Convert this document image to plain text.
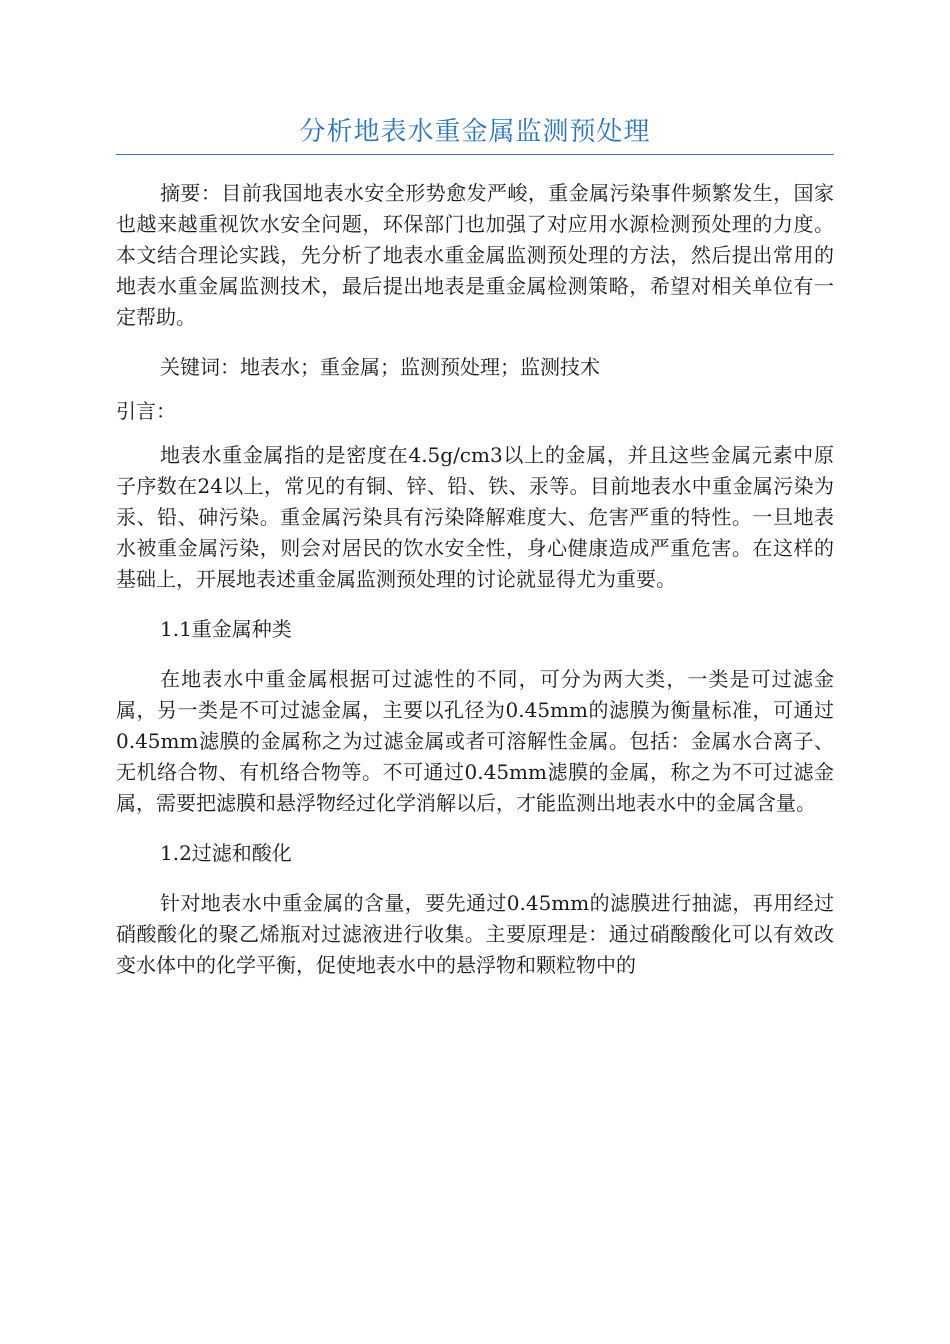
分析地表水重金属监测预处理

摘要：目前我国地表水安全形势愈发严峻，重金属污染事件频繁发生，国家也越来越重视饮水安全问题，环保部门也加强了对应用水源检测预处理的力度。本文结合理论实践，先分析了地表水重金属监测预处理的方法，然后提出常用的地表水重金属监测技术，最后提出地表是重金属检测策略，希望对相关单位有一定帮助。

关键词：地表水；重金属；监测预处理；监测技术

引言：

地表水重金属指的是密度在4.5g/cm3以上的金属，并且这些金属元素中原子序数在24以上，常见的有铜、锌、铅、铁、汞等。目前地表水中重金属污染为汞、铅、砷污染。重金属污染具有污染降解难度大、危害严重的特性。一旦地表水被重金属污染，则会对居民的饮水安全性，身心健康造成严重危害。在这样的基础上，开展地表述重金属监测预处理的讨论就显得尤为重要。

1.1重金属种类

在地表水中重金属根据可过滤性的不同，可分为两大类，一类是可过滤金属，另一类是不可过滤金属，主要以孔径为0.45mm的滤膜为衡量标准，可通过0.45mm滤膜的金属称之为过滤金属或者可溶解性金属。包括：金属水合离子、无机络合物、有机络合物等。不可通过0.45mm滤膜的金属，称之为不可过滤金属，需要把滤膜和悬浮物经过化学消解以后，才能监测出地表水中的金属含量。

1.2过滤和酸化

针对地表水中重金属的含量，要先通过0.45mm的滤膜进行抽滤，再用经过硝酸酸化的聚乙烯瓶对过滤液进行收集。主要原理是：通过硝酸酸化可以有效改变水体中的化学平衡，促使地表水中的悬浮物和颗粒物中的
